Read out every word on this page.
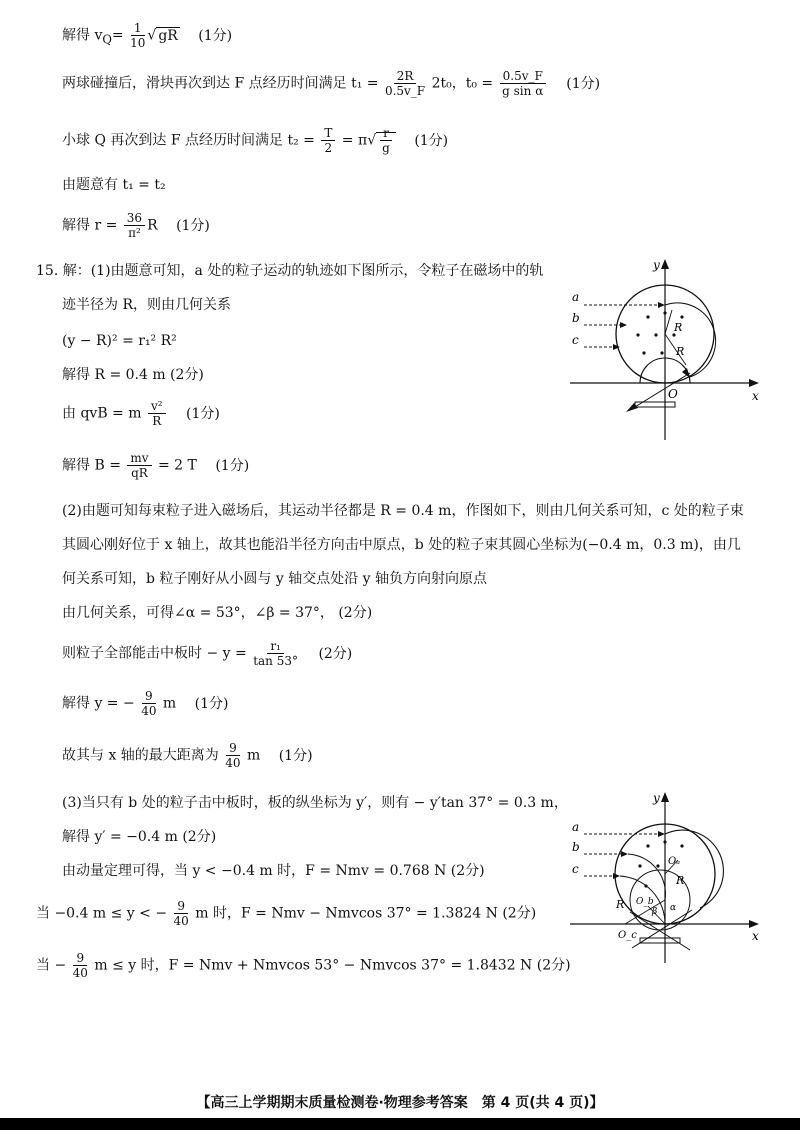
解得 $v_Q= \frac{1}{10}$ √ gR (1分)
两球碰撞后，滑块再次到达 F 点经历时间满足 $t_1 = \frac{2R}{0.5v\_F} 2t_0$，$t_0 = \frac{0.5v\_F}{\text{g sin α}} (1$分)
小球 Q 再次到达 F 点经历时间满足 $t_2 = \frac{T}{2} = \pi√ \frac{r}{g} (1$分)
由题意有 t₁ = t₂
解得 $r = \frac{36}{\text{π²}}$ R (1分)
15. 解：(1)由题意可知，a 处的粒子运动的轨迹如下图所示，令粒子在磁场中的轨
迹半径为 R，则由几何关系
(y − R)² = r₁² R²
解得 R = 0.4 m (2分)
由 qvB = m $\frac{\text{v²}}{R} (1$分)
解得 $B = \frac{mv}{qR} = 2$ T (1分)
(2)由题可知每束粒子进入磁场后，其运动半径都是 R = 0.4 m，作图如下，则由几何关系可知，c 处的粒子束
其圆心刚好位于 x 轴上，故其也能沿半径方向击中原点，b 处的粒子束其圆心坐标为(−0.4 m，0.3 m)，由几
何关系可知，b 粒子刚好从小圆与 y 轴交点处沿 y 轴负方向射向原点
由几何关系，可得∠α = 53°，∠β = 37°， (2分)
则粒子全部能击中板时 − $y = \frac{\text{r₁}}{\tan 53^\circ} (2$分)
解得 y = − $\frac{9}{40}$ m (1分)
故其与 x 轴的最大距离为 $\frac{9}{40}$ m (1分)
(3)当只有 b 处的粒子击中板时，板的纵坐标为 y′，则有 − y′tan 37° = 0.3 m，
解得 y′ = −0.4 m (2分)
由动量定理可得，当 y < −0.4 m 时，F = Nmv = 0.768 N (2分)
当 −0.4 m ≤ y < − $\frac{9}{40}$ m 时，F = Nmv − Nmvcos 37° = 1.3824 N (2分)
当 − $\frac{9}{40}$ m ≤ y 时，F = Nmv + Nmvcos 53° − Nmvcos 37° = 1.8432 N (2分)
y
x
a
b
c
R
R
O
y
x
a
b
c
Oₐ
R
R O_b
O_c
β α
【高三上学期期末质量检测卷·物理参考答案　第 4 页(共 4 页)】
